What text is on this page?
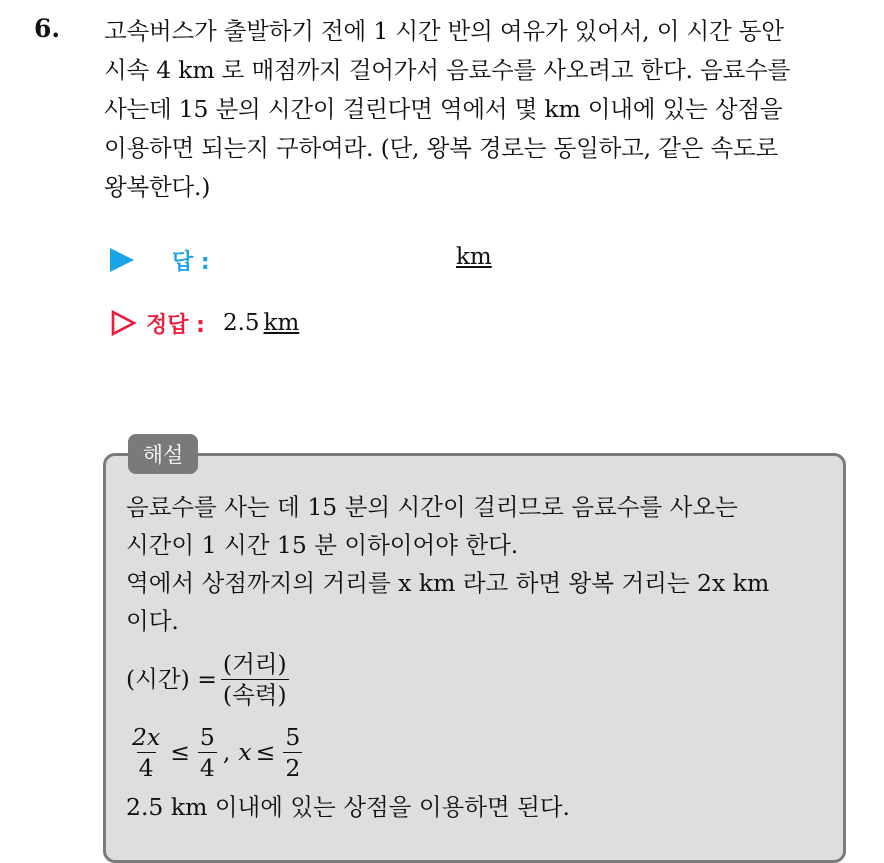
6. 고속버스가 출발하기 전에 1 시간 반의 여유가 있어서, 이 시간 동안
시속 4 km 로 매점까지 걸어가서 음료수를 사오려고 한다. 음료수를
사는데 15 분의 시간이 걸린다면 역에서 몇 km 이내에 있는 상점을
이용하면 되는지 구하여라. (단, 왕복 경로는 동일하고, 같은 속도로
왕복한다.)
답 :	km
정답 : 2.5 km
해설
음료수를 사는 데 15 분의 시간이 걸리므로 음료수를 사오는
시간이 1 시간 15 분 이하이어야 한다.
역에서 상점까지의 거리를 x km 라고 하면 왕복 거리는 2x km
이다.
(시간) = $\frac{\text{(거리)}}{\text{(속력)}}$
$\frac{2x}{4} \le \frac{5}{4}$ , $x \le \frac{5}{2}$
2.5 km 이내에 있는 상점을 이용하면 된다.
